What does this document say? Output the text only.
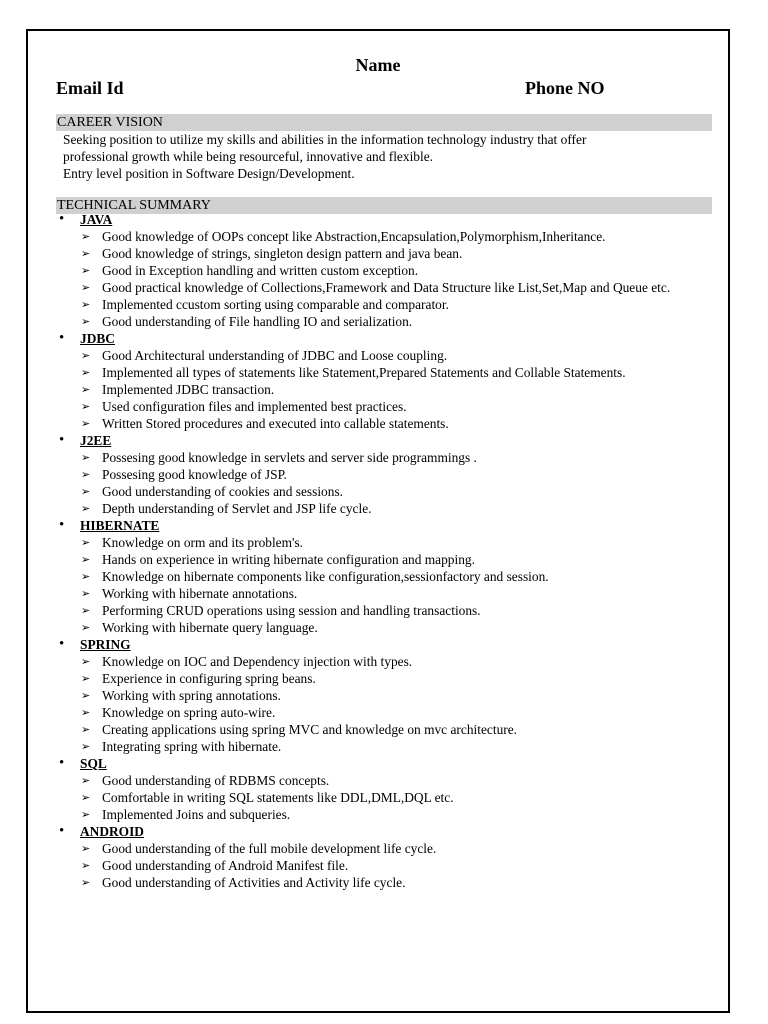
Name
Email Id	Phone NO
CAREER VISION

Seeking position to utilize my skills and abilities in the information technology industry that offer

professional growth while being resourceful, innovative and flexible.

Entry level position in Software Design/Development.

TECHNICAL SUMMARY
• JAVA
➢ Good knowledge of OOPs concept like Abstraction,Encapsulation,Polymorphism,Inheritance.
➢ Good knowledge of strings, singleton design pattern and java bean.
➢ Good in Exception handling and written custom exception.
➢ Good practical knowledge of Collections,Framework and Data Structure like List,Set,Map and Queue etc.
➢ Implemented ccustom sorting using comparable and comparator.
➢ Good understanding of File handling IO and serialization.
• JDBC
➢ Good Architectural understanding of JDBC and Loose coupling.
➢ Implemented all types of statements like Statement,Prepared Statements and Collable Statements.
➢ Implemented JDBC transaction.
➢ Used configuration files and implemented best practices.
➢ Written Stored procedures and executed into callable statements.
• J2EE
➢ Possesing good knowledge in servlets and server side programmings .
➢ Possesing good knowledge of JSP.
➢ Good understanding of cookies and sessions.
➢ Depth understanding of Servlet and JSP life cycle.
• HIBERNATE
➢ Knowledge on orm and its problem's.
➢ Hands on experience in writing hibernate configuration and mapping.
➢ Knowledge on hibernate components like configuration,sessionfactory and session.
➢ Working with hibernate annotations.
➢ Performing CRUD operations using session and handling transactions.
➢ Working with hibernate query language.
• SPRING
➢ Knowledge on IOC and Dependency injection with types.
➢ Experience in configuring spring beans.
➢ Working with spring annotations.
➢ Knowledge on spring auto-wire.
➢ Creating applications using spring MVC and knowledge on mvc architecture.
➢ Integrating spring with hibernate.
• SQL
➢ Good understanding of RDBMS concepts.
➢ Comfortable in writing SQL statements like DDL,DML,DQL etc.
➢ Implemented Joins and subqueries.
• ANDROID
➢ Good understanding of the full mobile development life cycle.
➢ Good understanding of Android Manifest file.
➢ Good understanding of Activities and Activity life cycle.
